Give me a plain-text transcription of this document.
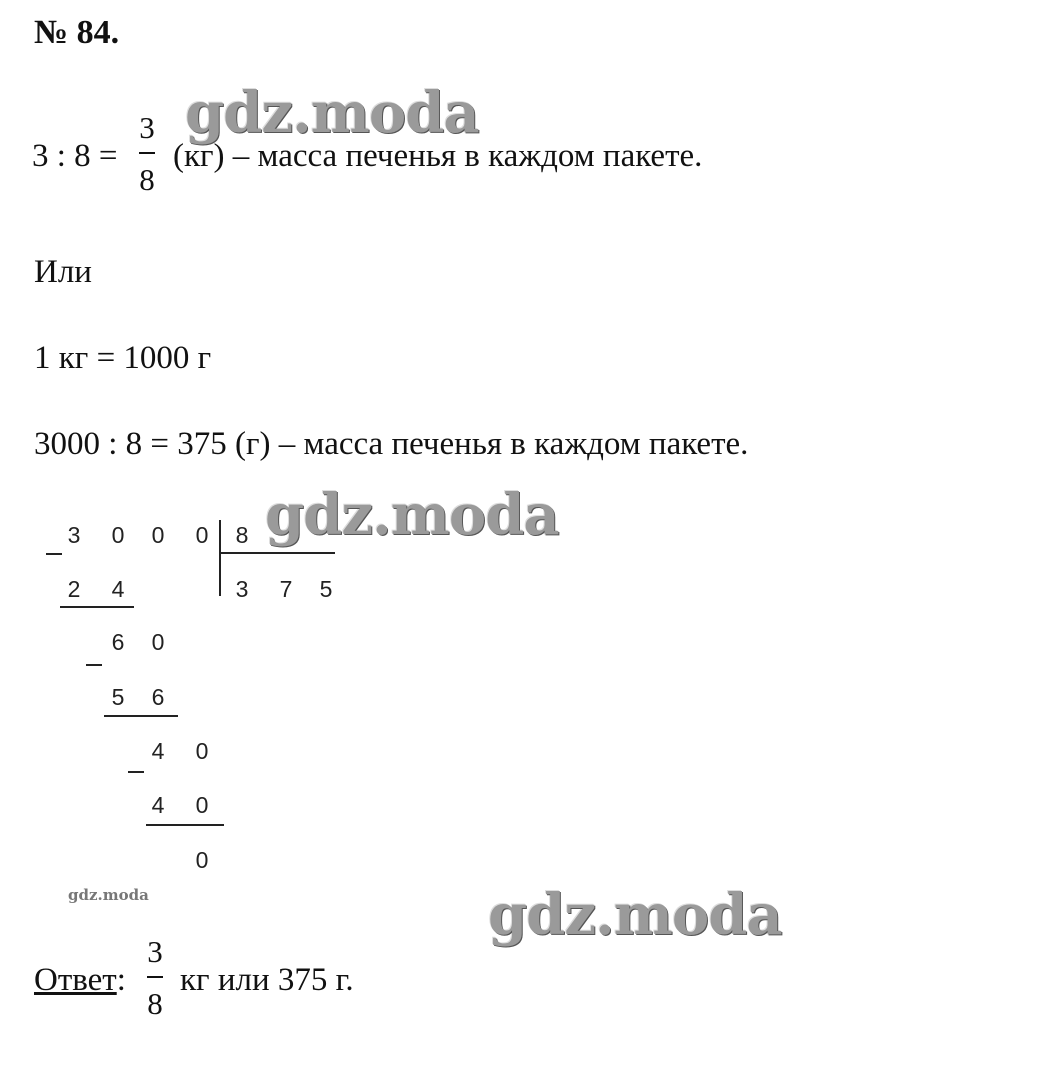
№ 84.
gdz.moda
gdz.moda
gdz.moda
gdz.moda
3 : 8 =
3
8
(кг) – масса печенья в каждом пакете.
Или
1 кг = 1000 г
3000 : 8 = 375 (г) – масса печенья в каждом пакете.
3 0 0 0 8
3 7 5
2 4
6 0
5 6
4 0
4 0
0
Ответ:
3
8
кг или 375 г.
